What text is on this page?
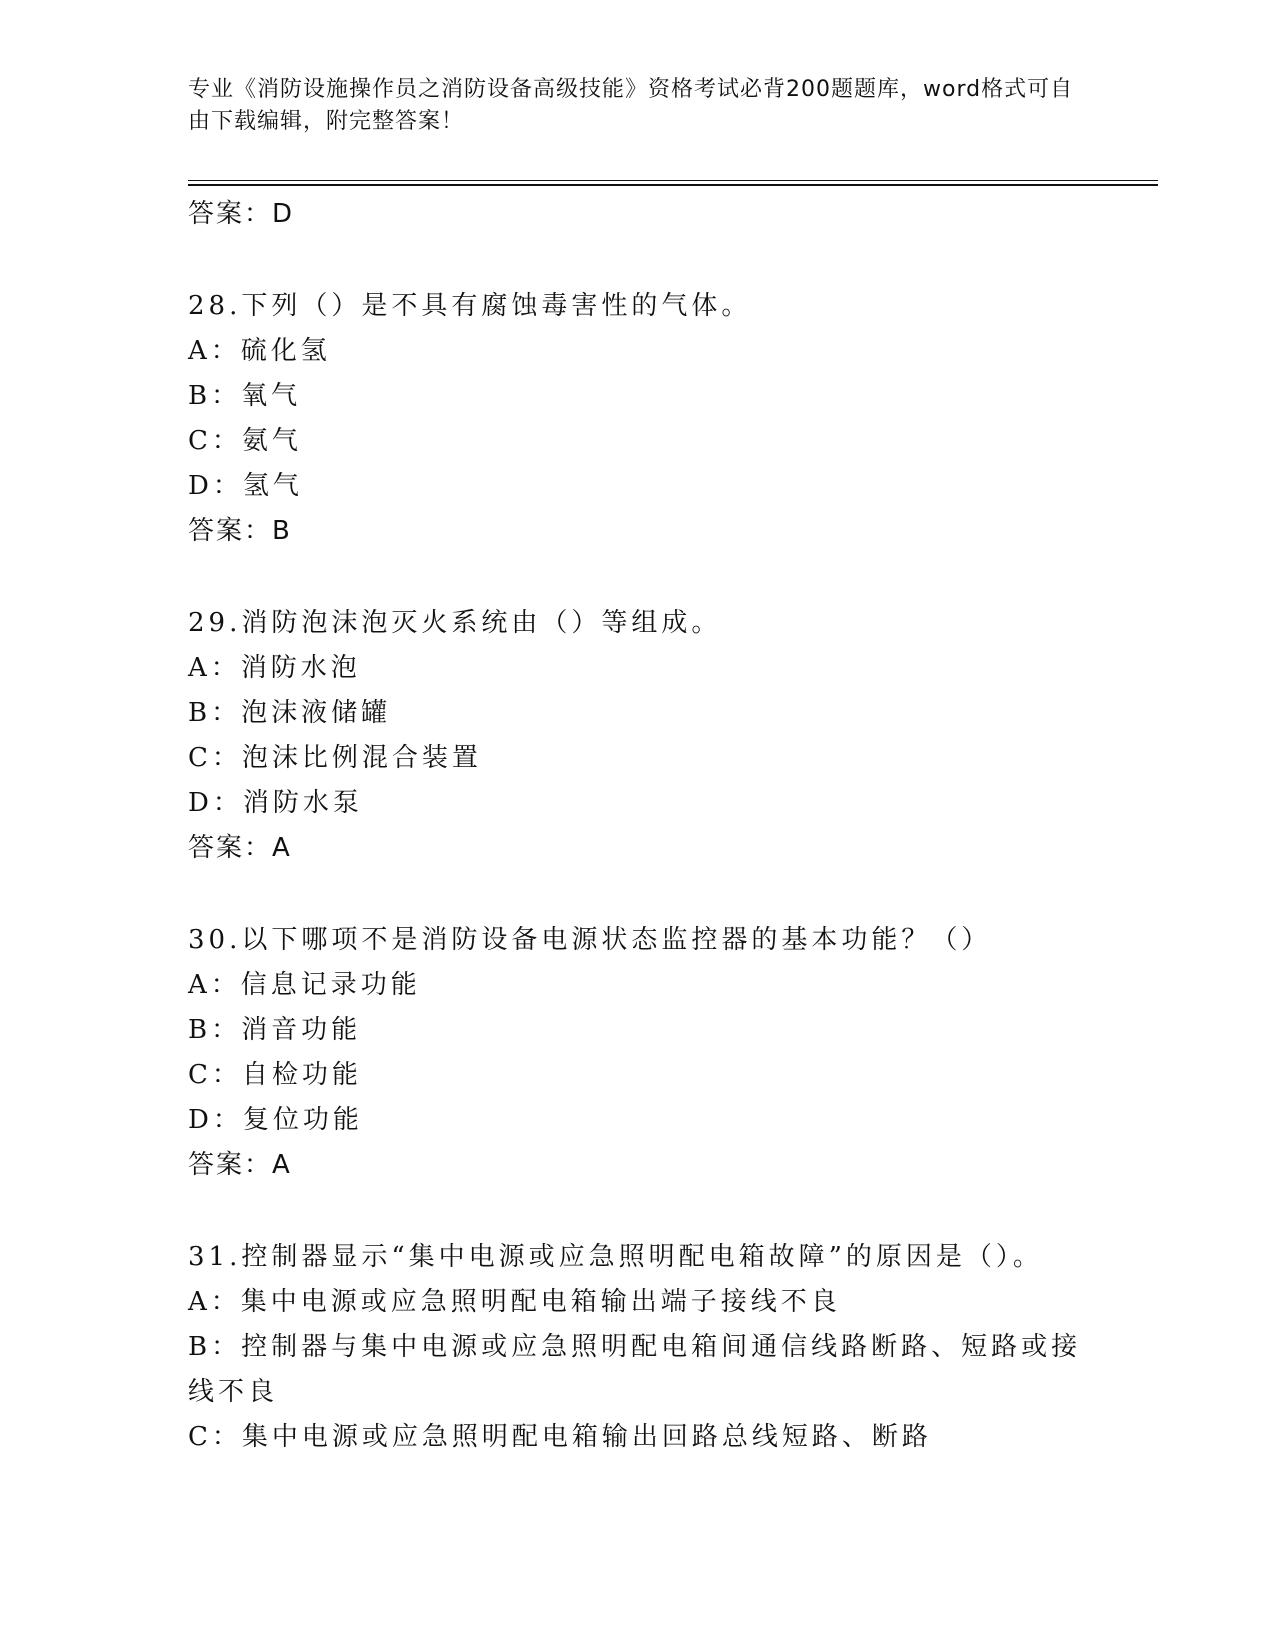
专业《消防设施操作员之消防设备高级技能》资格考试必背200题题库，word格式可自由下载编辑，附完整答案！
答案：D
28.下列（）是不具有腐蚀毒害性的气体。
A：硫化氢
B：氧气
C：氨气
D：氢气
答案：B
29.消防泡沫泡灭火系统由（）等组成。
A：消防水泡
B：泡沫液储罐
C：泡沫比例混合装置
D：消防水泵
答案：A
30.以下哪项不是消防设备电源状态监控器的基本功能？（）
A：信息记录功能
B：消音功能
C：自检功能
D：复位功能
答案：A
31.控制器显示“集中电源或应急照明配电箱故障”的原因是（）。
A：集中电源或应急照明配电箱输出端子接线不良
B：控制器与集中电源或应急照明配电箱间通信线路断路、短路或接线不良
C：集中电源或应急照明配电箱输出回路总线短路、断路
